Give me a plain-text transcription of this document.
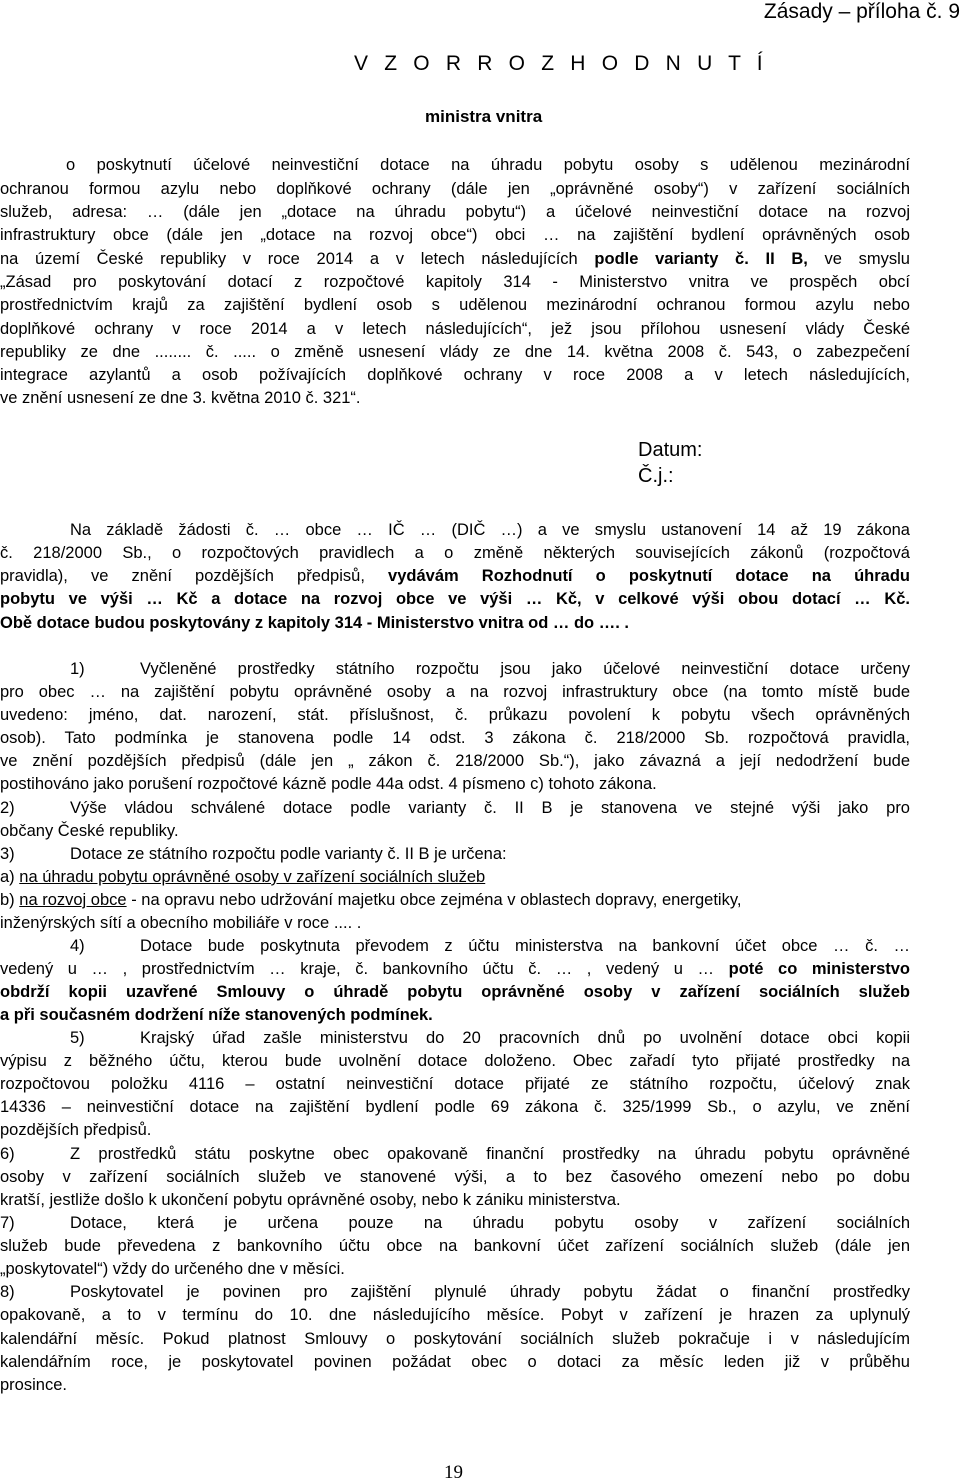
Zásady – příloha č. 9
V Z O R R O Z H O D N U T Í
ministra vnitra
o poskytnutí účelové neinvestiční dotace na úhradu pobytu osoby s udělenou mezinárodní
ochranou formou azylu nebo doplňkové ochrany (dále jen „oprávněné osoby“) v zařízení sociálních
služeb, adresa: … (dále jen „dotace na úhradu pobytu“) a účelové neinvestiční dotace na rozvoj
infrastruktury obce (dále jen „dotace na rozvoj obce“) obci … na zajištění bydlení oprávněných osob
na území České republiky v roce 2014 a v letech následujících podle varianty č. II B, ve smyslu
„Zásad pro poskytování dotací z rozpočtové kapitoly 314 - Ministerstvo vnitra ve prospěch obcí
prostřednictvím krajů za zajištění bydlení osob s udělenou mezinárodní ochranou formou azylu nebo
doplňkové ochrany v roce 2014 a v letech následujících“, jež jsou přílohou usnesení vlády České
republiky ze dne ........ č. ..... o změně usnesení vlády ze dne 14. května 2008 č. 543, o zabezpečení
integrace azylantů a osob požívajících doplňkové ochrany v roce 2008 a v letech následujících,
ve znění usnesení ze dne 3. května 2010 č. 321“.
Datum:
Č.j.:
Na základě žádosti č. … obce … IČ … (DIČ …) a ve smyslu ustanovení 14 až 19 zákona
č. 218/2000 Sb., o rozpočtových pravidlech a o změně některých souvisejících zákonů (rozpočtová
pravidla), ve znění pozdějších předpisů, vydávám Rozhodnutí o poskytnutí dotace na úhradu
pobytu ve výši … Kč a dotace na rozvoj obce ve výši … Kč, v celkové výši obou dotací … Kč.
Obě dotace budou poskytovány z kapitoly 314 - Ministerstvo vnitra od … do …. .
1)	Vyčleněné prostředky státního rozpočtu jsou jako účelové neinvestiční dotace určeny
pro obec … na zajištění pobytu oprávněné osoby a na rozvoj infrastruktury obce (na tomto místě bude
uvedeno: jméno, dat. narození, stát. příslušnost, č. průkazu povolení k pobytu všech oprávněných
osob). Tato podmínka je stanovena podle 14 odst. 3 zákona č. 218/2000 Sb. rozpočtová pravidla,
ve znění pozdějších předpisů (dále jen „ zákon č. 218/2000 Sb.“), jako závazná a její nedodržení bude
postihováno jako porušení rozpočtové kázně podle 44a odst. 4 písmeno c) tohoto zákona.
2)	Výše vládou schválené dotace podle varianty č. II B je stanovena ve stejné výši jako pro
občany České republiky.
3)	Dotace ze státního rozpočtu podle varianty č. II B je určena:
a) na úhradu pobytu oprávněné osoby v zařízení sociálních služeb
b) na rozvoj obce - na opravu nebo udržování majetku obce zejména v oblastech dopravy, energetiky,
inženýrských sítí a obecního mobiliáře v roce .... .
4)	Dotace bude poskytnuta převodem z účtu ministerstva na bankovní účet obce … č. …
vedený u … , prostřednictvím … kraje, č. bankovního účtu č. … , vedený u … poté co ministerstvo
obdrží kopii uzavřené Smlouvy o úhradě pobytu oprávněné osoby v zařízení sociálních služeb
a při současném dodržení níže stanovených podmínek.
5)	Krajský úřad zašle ministerstvu do 20 pracovních dnů po uvolnění dotace obci kopii
výpisu z běžného účtu, kterou bude uvolnění dotace doloženo. Obec zařadí tyto přijaté prostředky na
rozpočtovou položku 4116 – ostatní neinvestiční dotace přijaté ze státního rozpočtu, účelový znak
14336 – neinvestiční dotace na zajištění bydlení podle 69 zákona č. 325/1999 Sb., o azylu, ve znění
pozdějších předpisů.
6)	Z prostředků státu poskytne obec opakovaně finanční prostředky na úhradu pobytu oprávněné
osoby v zařízení sociálních služeb ve stanovené výši, a to bez časového omezení nebo po dobu
kratší, jestliže došlo k ukončení pobytu oprávněné osoby, nebo k zániku ministerstva.
7)	Dotace, která je určena pouze na úhradu pobytu osoby v zařízení sociálních
služeb bude převedena z bankovního účtu obce na bankovní účet zařízení sociálních služeb (dále jen
„poskytovatel“) vždy do určeného dne v měsíci.
8)	Poskytovatel je povinen pro zajištění plynulé úhrady pobytu žádat o finanční prostředky
opakovaně, a to v termínu do 10. dne následujícího měsíce. Pobyt v zařízení je hrazen za uplynulý
kalendářní měsíc. Pokud platnost Smlouvy o poskytování sociálních služeb pokračuje i v následujícím
kalendářním roce, je poskytovatel povinen požádat obec o dotaci za měsíc leden již v průběhu
prosince.
19
